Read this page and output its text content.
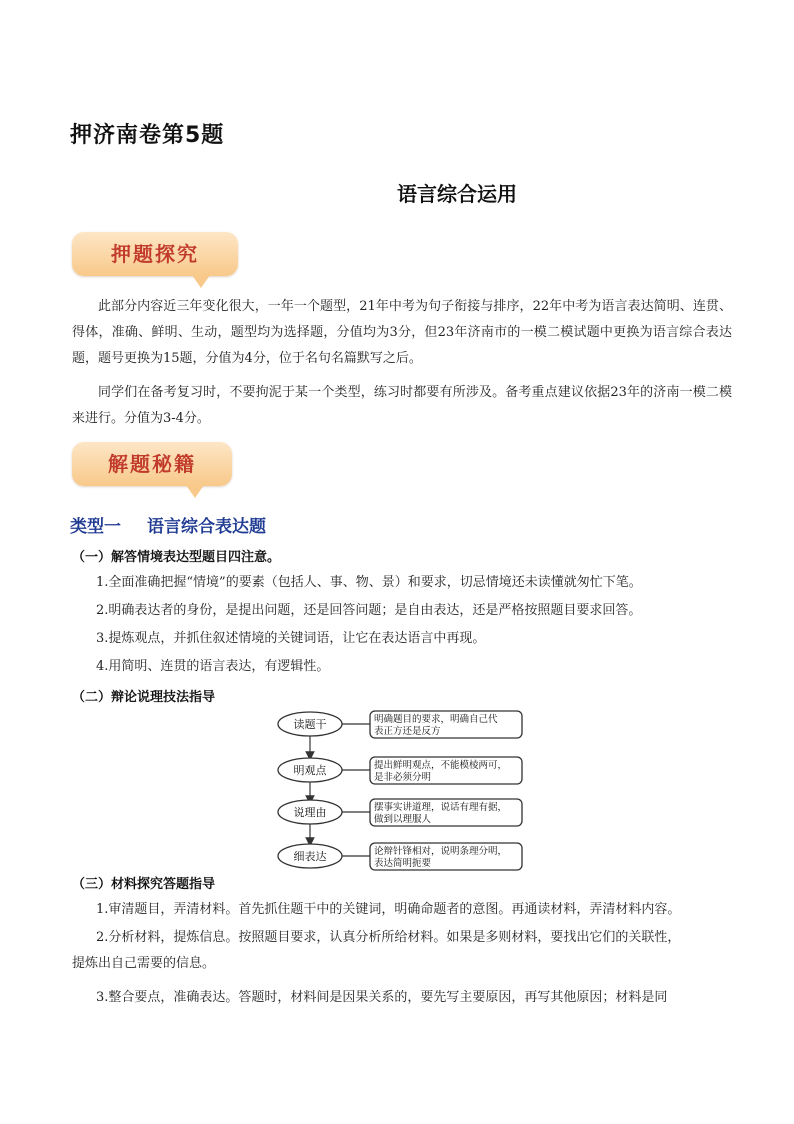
押济南卷第5题
语言综合运用
押题探究

此部分内容近三年变化很大，一年一个题型，21年中考为句子衔接与排序，22年中考为语言表达简明、连贯、得体，准确、鲜明、生动，题型均为选择题，分值均为3分，但23年济南市的一模二模试题中更换为语言综合表达题，题号更换为15题，分值为4分，位于名句名篇默写之后。

同学们在备考复习时，不要拘泥于某一个类型，练习时都要有所涉及。备考重点建议依据23年的济南一模二模来进行。分值为3-4分。

解题秘籍
类型一 语言综合表达题
（一）解答情境表达型题目四注意。

1.全面准确把握“情境”的要素（包括人、事、物、景）和要求，切忌情境还未读懂就匆忙下笔。

2.明确表达者的身份，是提出问题，还是回答问题；是自由表达，还是严格按照题目要求回答。

3.提炼观点，并抓住叙述情境的关键词语，让它在表达语言中再现。

4.用简明、连贯的语言表达，有逻辑性。

（二）辩论说理技法指导
读题干	明确题目的要求，明确自己代
表正方还是反方
明观点	提出鲜明观点，不能模棱两可，
是非必须分明
说理由	摆事实讲道理，说话有理有据，
做到以理服人
细表达	论辩针锋相对，说明条理分明，
表达简明扼要
（三）材料探究答题指导

1.审清题目，弄清材料。首先抓住题干中的关键词，明确命题者的意图。再通读材料，弄清材料内容。

2.分析材料，提炼信息。按照题目要求，认真分析所给材料。如果是多则材料，要找出它们的关联性，

提炼出自己需要的信息。

3.整合要点，准确表达。答题时，材料间是因果关系的，要先写主要原因，再写其他原因；材料是同
